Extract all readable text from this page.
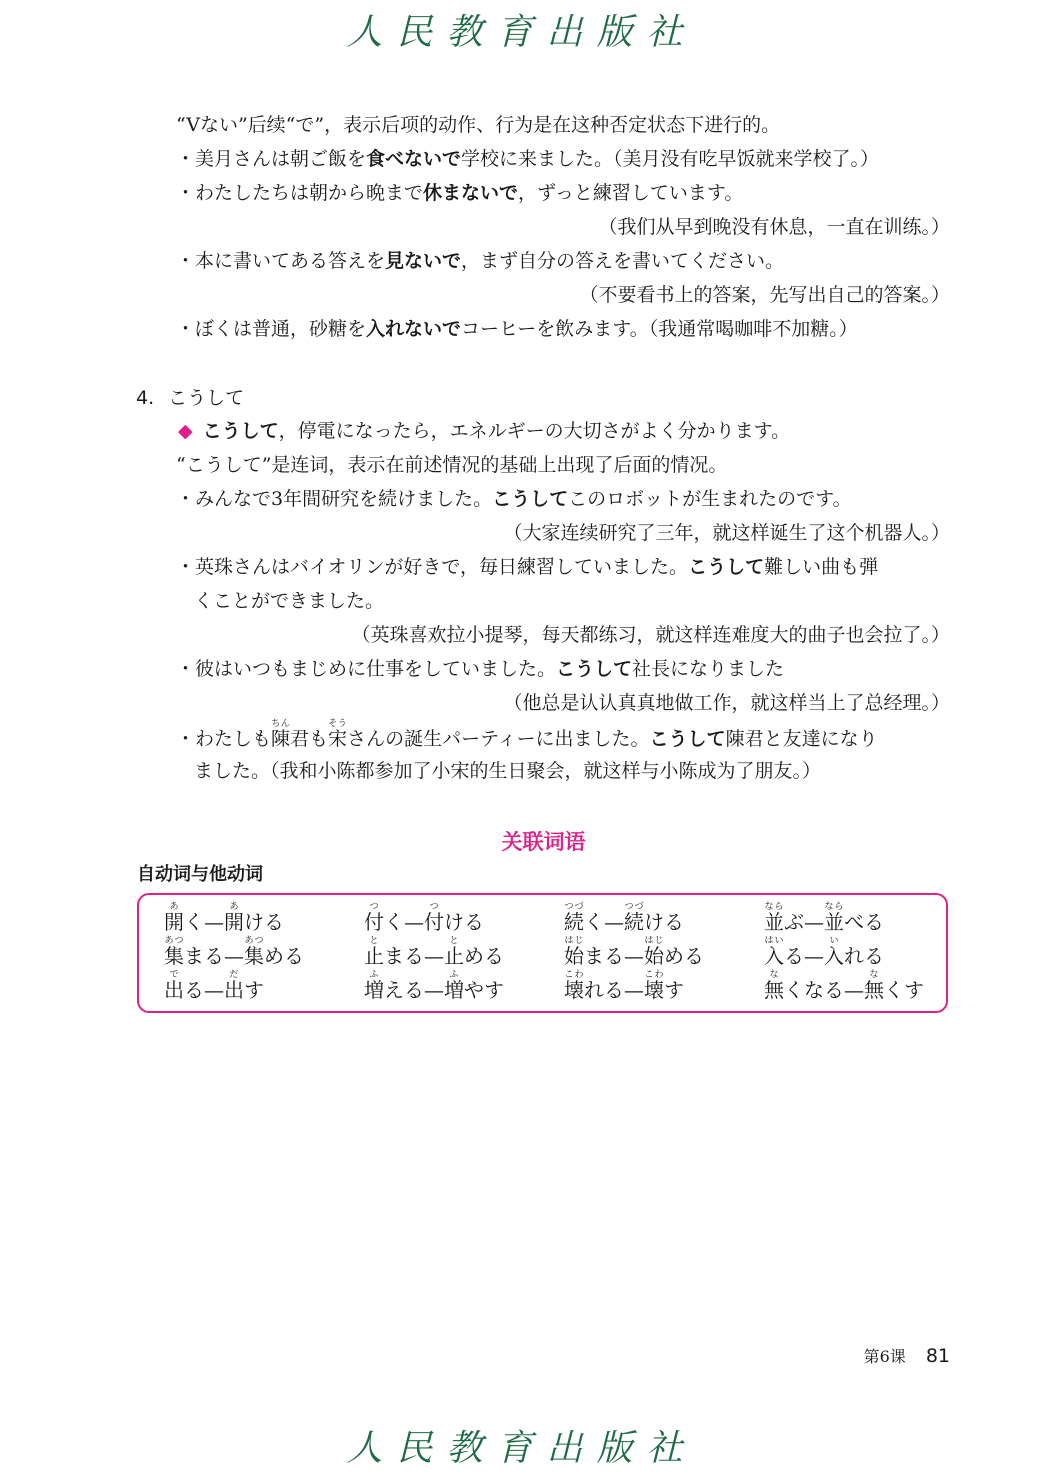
人民教育出版社
“Vない”后续“で”，表示后项的动作、行为是在这种否定状态下进行的。
・美月さんは朝ご飯を食べないで学校に来ました。（美月没有吃早饭就来学校了。）
・わたしたちは朝から晩まで休まないで，ずっと練習しています。
（我们从早到晚没有休息，一直在训练。）
・本に書いてある答えを見ないで，まず自分の答えを書いてください。
（不要看书上的答案，先写出自己的答案。）
・ぼくは普通，砂糖を入れないでコーヒーを飲みます。（我通常喝咖啡不加糖。）
4. こうして
◆ こうして，停電になったら，エネルギーの大切さがよく分かります。
“こうして”是连词，表示在前述情况的基础上出现了后面的情况。
・みんなで3年間研究を続けました。こうしてこのロボットが生まれたのです。
（大家连续研究了三年，就这样诞生了这个机器人。）
・英珠さんはバイオリンが好きで，毎日練習していました。こうして難しい曲も弾
くことができました。
（英珠喜欢拉小提琴，每天都练习，就这样连难度大的曲子也会拉了。）
・彼はいつもまじめに仕事をしていました。こうして社長になりました
（他总是认认真真地做工作，就这样当上了总经理。）
・わたしも陳ちん君も宋そうさんの誕生パーティーに出ました。こうして陳君と友達になり
ました。（我和小陈都参加了小宋的生日聚会，就这样与小陈成为了朋友。）
关联词语
自动词与他动词
開あく—開あける	付つく—付つける	続つづく—続つづける	並ならぶ—並ならべる
集あつまる—集あつめる	止とまる—止とめる	始はじまる—始はじめる	入はいる—入いれる
出でる—出だす	増ふえる—増ふやす	壊こわれる—壊こわす	無なくなる—無なくす
第6课 81
人民教育出版社
